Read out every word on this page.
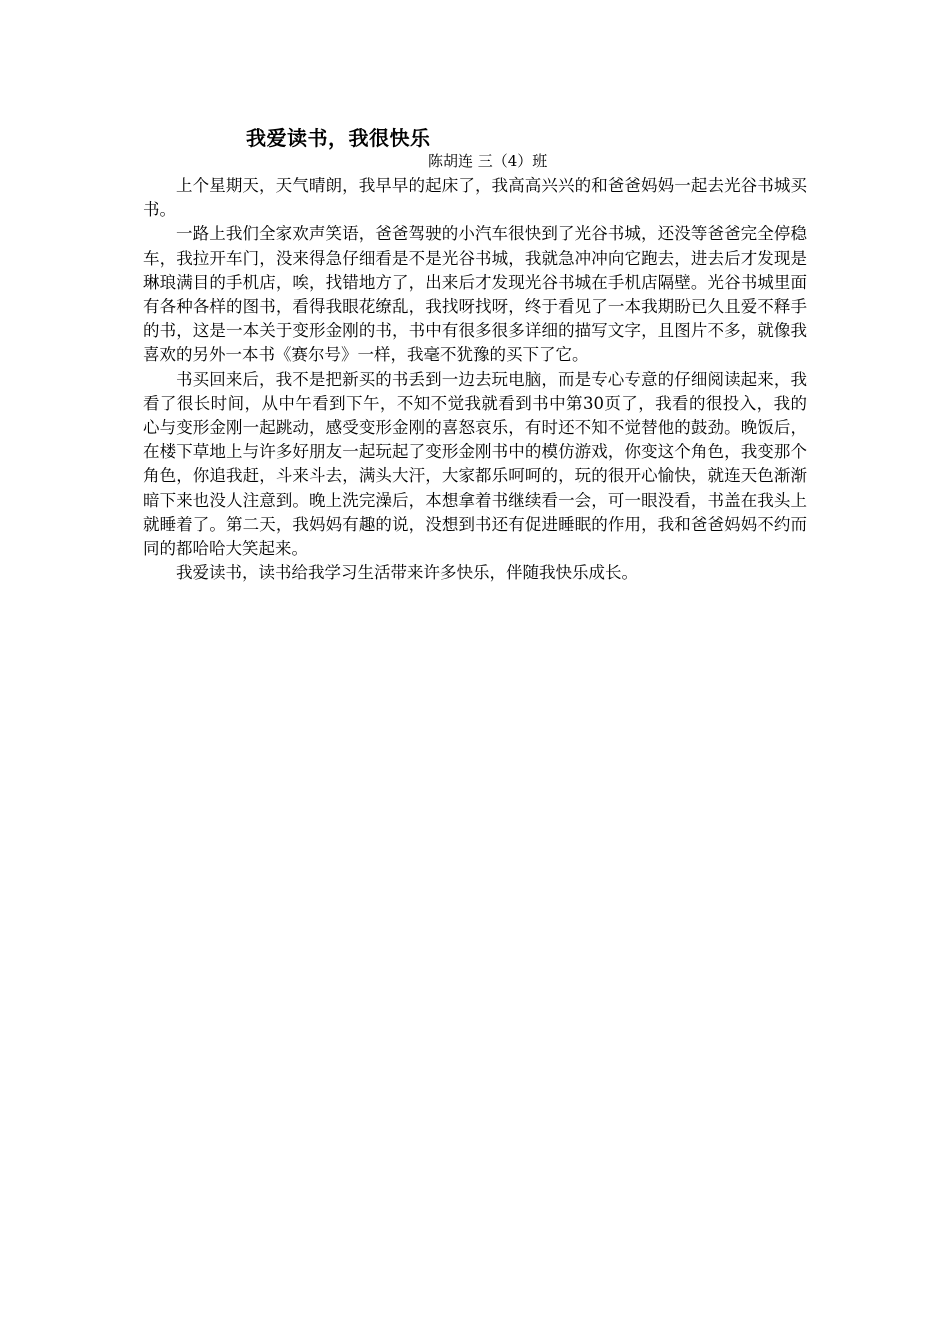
我爱读书，我很快乐
陈胡连 三（4）班

上个星期天，天气晴朗，我早早的起床了，我高高兴兴的和爸爸妈妈一起去光谷书城买书。

一路上我们全家欢声笑语，爸爸驾驶的小汽车很快到了光谷书城，还没等爸爸完全停稳车，我拉开车门，没来得急仔细看是不是光谷书城，我就急冲冲向它跑去，进去后才发现是琳琅满目的手机店，唉，找错地方了，出来后才发现光谷书城在手机店隔壁。光谷书城里面有各种各样的图书，看得我眼花缭乱，我找呀找呀，终于看见了一本我期盼已久且爱不释手的书，这是一本关于变形金刚的书，书中有很多很多详细的描写文字，且图片不多，就像我喜欢的另外一本书《赛尔号》一样，我毫不犹豫的买下了它。

书买回来后，我不是把新买的书丢到一边去玩电脑，而是专心专意的仔细阅读起来，我看了很长时间，从中午看到下午，不知不觉我就看到书中第30页了，我看的很投入，我的心与变形金刚一起跳动，感受变形金刚的喜怒哀乐，有时还不知不觉替他的鼓劲。晚饭后，在楼下草地上与许多好朋友一起玩起了变形金刚书中的模仿游戏，你变这个角色，我变那个角色，你追我赶，斗来斗去，满头大汗，大家都乐呵呵的，玩的很开心愉快，就连天色渐渐暗下来也没人注意到。晚上洗完澡后，本想拿着书继续看一会，可一眼没看，书盖在我头上就睡着了。第二天，我妈妈有趣的说，没想到书还有促进睡眠的作用，我和爸爸妈妈不约而同的都哈哈大笑起来。

我爱读书，读书给我学习生活带来许多快乐，伴随我快乐成长。
